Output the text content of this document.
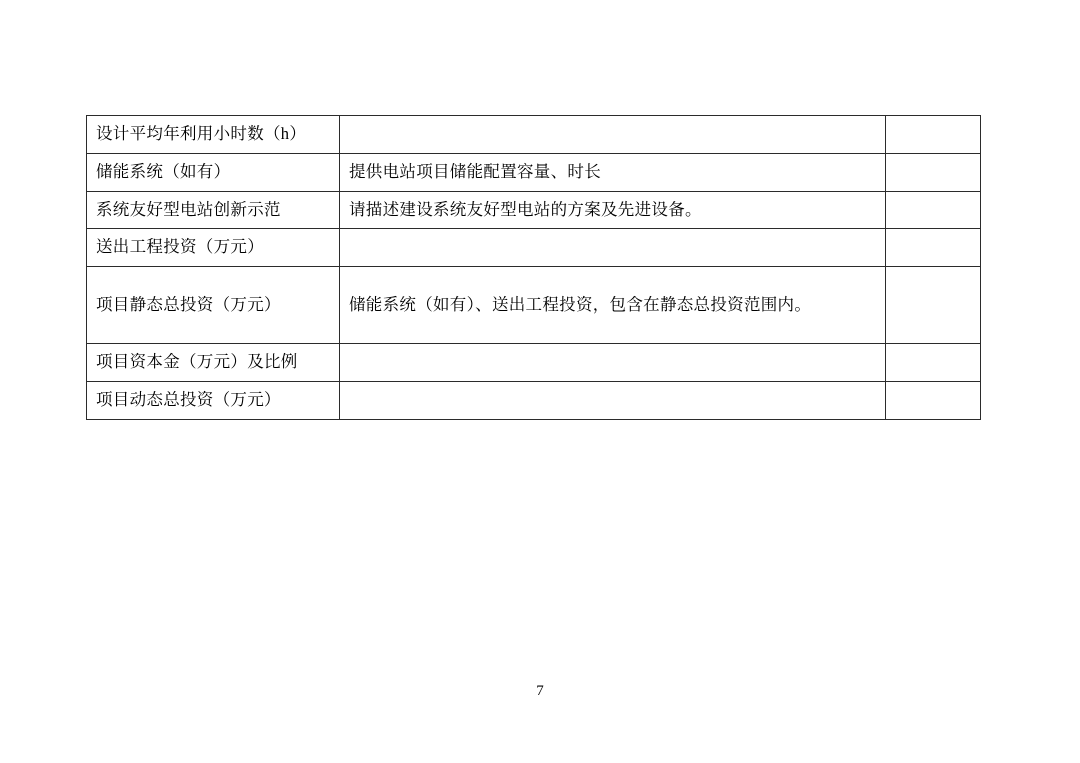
设计平均年利用小时数（h）		
储能系统（如有）	提供电站项目储能配置容量、时长	
系统友好型电站创新示范	请描述建设系统友好型电站的方案及先进设备。	
送出工程投资（万元）		
项目静态总投资（万元）	储能系统（如有）、送出工程投资，包含在静态总投资范围内。	
项目资本金（万元）及比例		
项目动态总投资（万元）		
7
